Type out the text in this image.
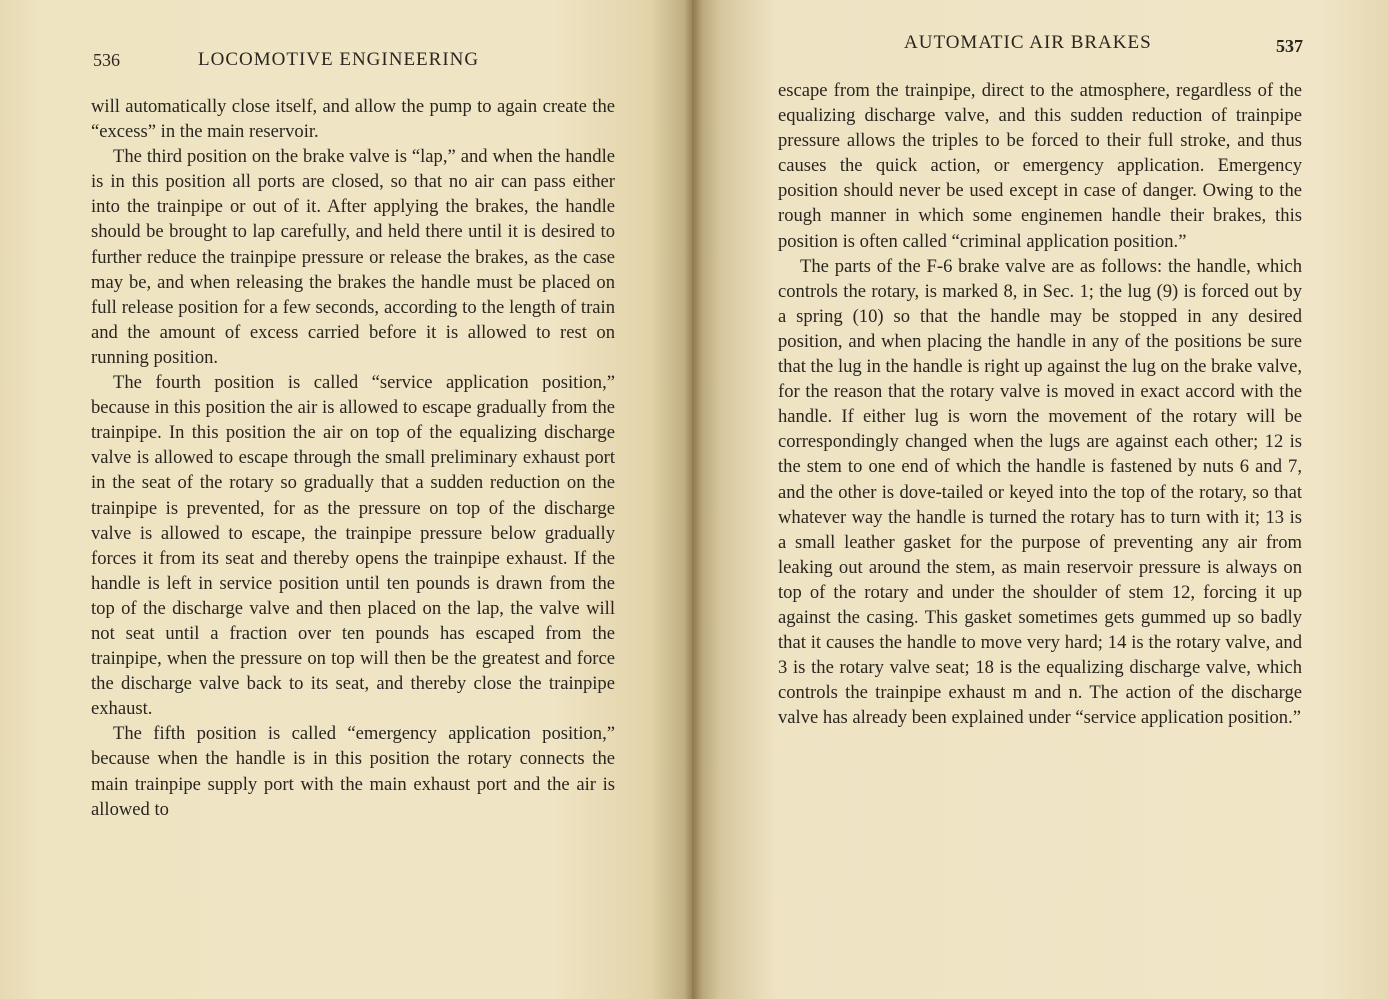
536	LOCOMOTIVE ENGINEERING

will automatically close itself, and allow the pump to again create the “excess” in the main reservoir.

The third position on the brake valve is “lap,” and when the handle is in this position all ports are closed, so that no air can pass either into the trainpipe or out of it. After applying the brakes, the handle should be brought to lap carefully, and held there until it is desired to further reduce the trainpipe pressure or release the brakes, as the case may be, and when releasing the brakes the handle must be placed on full release position for a few seconds, according to the length of train and the amount of excess carried before it is allowed to rest on running position.

The fourth position is called “service application position,” because in this position the air is allowed to escape gradually from the trainpipe. In this position the air on top of the equalizing discharge valve is allowed to escape through the small preliminary exhaust port in the seat of the rotary so gradually that a sudden reduction on the trainpipe is prevented, for as the pressure on top of the discharge valve is allowed to escape, the trainpipe pressure below gradually forces it from its seat and thereby opens the trainpipe exhaust. If the handle is left in service position until ten pounds is drawn from the top of the discharge valve and then placed on the lap, the valve will not seat until a fraction over ten pounds has escaped from the trainpipe, when the pressure on top will then be the greatest and force the discharge valve back to its seat, and thereby close the trainpipe exhaust.

The fifth position is called “emergency application position,” because when the handle is in this position the rotary connects the main trainpipe supply port with the main exhaust port and the air is allowed to

AUTOMATIC AIR BRAKES	537

escape from the trainpipe, direct to the atmosphere, regardless of the equalizing discharge valve, and this sudden reduction of trainpipe pressure allows the triples to be forced to their full stroke, and thus causes the quick action, or emergency application. Emergency position should never be used except in case of danger. Owing to the rough manner in which some enginemen handle their brakes, this position is often called “criminal application position.”

The parts of the F-6 brake valve are as follows: the handle, which controls the rotary, is marked 8, in Sec. 1; the lug (9) is forced out by a spring (10) so that the handle may be stopped in any desired position, and when placing the handle in any of the positions be sure that the lug in the handle is right up against the lug on the brake valve, for the reason that the rotary valve is moved in exact accord with the handle. If either lug is worn the movement of the rotary will be correspondingly changed when the lugs are against each other; 12 is the stem to one end of which the handle is fastened by nuts 6 and 7, and the other is dove-tailed or keyed into the top of the rotary, so that whatever way the handle is turned the rotary has to turn with it; 13 is a small leather gasket for the purpose of preventing any air from leaking out around the stem, as main reservoir pressure is always on top of the rotary and under the shoulder of stem 12, forcing it up against the casing. This gasket sometimes gets gummed up so badly that it causes the handle to move very hard; 14 is the rotary valve, and 3 is the rotary valve seat; 18 is the equalizing discharge valve, which controls the trainpipe exhaust m and n. The action of the discharge valve has already been explained under “service application position.”
